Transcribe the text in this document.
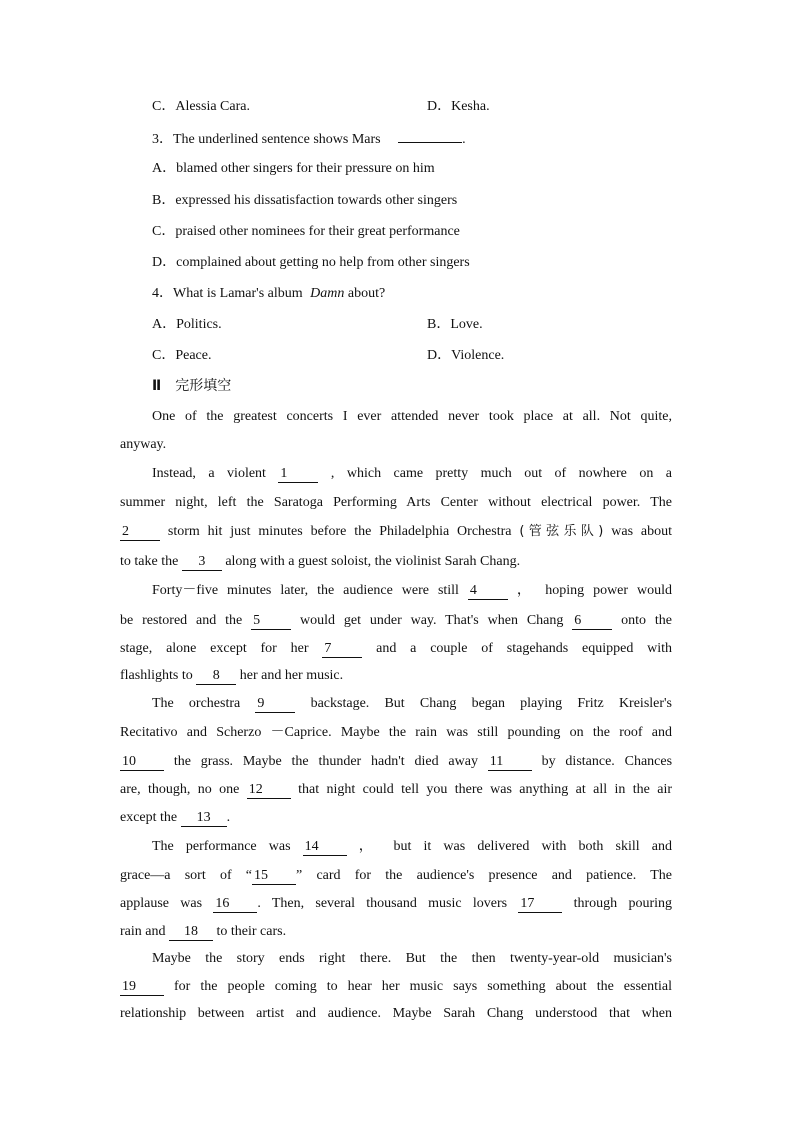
C．Alessia Cara.	D．Kesha.
3．The underlined sentence shows Mars	.
A．blamed other singers for their pressure on him
B．expressed his dissatisfaction towards other singers
C．praised other nominees for their great performance
D．complained about getting no help from other singers
4．What is Lamar's album Damn about?
A．Politics.	B．Love.
C．Peace.	D．Violence.
Ⅱ 完形填空
One of the greatest concerts I ever attended never took place at all. Not quite,
anyway.
Instead, a violent 1	, which came pretty much out of nowhere on a
summer night, left the Saratoga Performing Arts Center without electrical power. The
2	storm hit just minutes before the Philadelphia Orchestra (管弦乐队) was about
to take the 3 along with a guest soloist, the violinist Sarah Chang.
Forty－five minutes later, the audience were still 4	， hoping power would
be restored and the 5	would get under way. That's when Chang 6	onto the
stage, alone except for her 7	and a couple of stagehands equipped with
flashlights to 8 her and her music.
The orchestra 9	backstage. But Chang began playing Fritz Kreisler's
Recitativo and Scherzo －Caprice. Maybe the rain was still pounding on the roof and
10	the grass. Maybe the thunder hadn't died away 11	by distance. Chances
are, though, no one 12	that night could tell you there was anything at all in the air
except the 13 .
The performance was 14	， but it was delivered with both skill and
grace—a sort of “ 15 ” card for the audience's presence and patience. The
applause was 16 . Then, several thousand music lovers 17	through pouring
rain and 18 to their cars.
Maybe the story ends right there. But the then twenty-year-old musician's
19	for the people coming to hear her music says something about the essential
relationship between artist and audience. Maybe Sarah Chang understood that when
